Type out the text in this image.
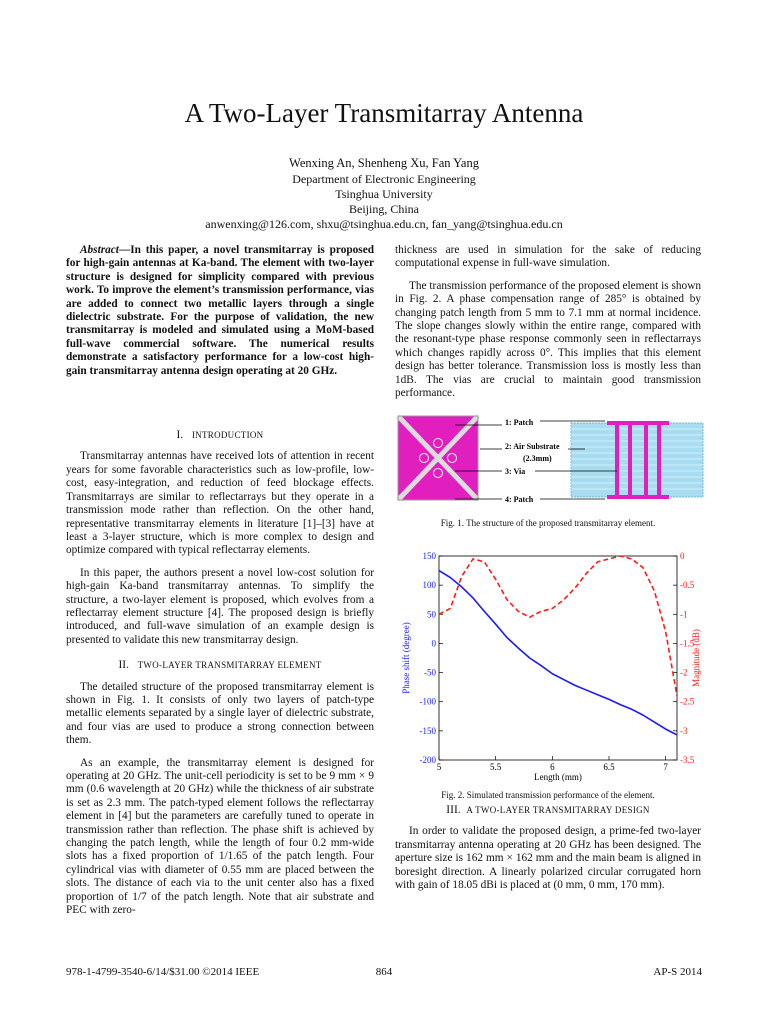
A Two-Layer Transmitarray Antenna
Wenxing An, Shenheng Xu, Fan Yang
Department of Electronic Engineering
Tsinghua University
Beijing, China
anwenxing@126.com, shxu@tsinghua.edu.cn, fan_yang@tsinghua.edu.cn

Abstract—In this paper, a novel transmitarray is proposed for high-gain antennas at Ka-band. The element with two-layer structure is designed for simplicity compared with previous work. To improve the element’s transmission performance, vias are added to connect two metallic layers through a single dielectric substrate. For the purpose of validation, the new transmitarray is modeled and simulated using a MoM-based full-wave commercial software. The numerical results demonstrate a satisfactory performance for a low-cost high-gain transmitarray antenna design operating at 20 GHz.

I. INTRODUCTION

Transmitarray antennas have received lots of attention in recent years for some favorable characteristics such as low-profile, low-cost, easy-integration, and reduction of feed blockage effects. Transmitarrays are similar to reflectarrays but they operate in a transmission mode rather than reflection. On the other hand, representative transmitarray elements in literature [1]–[3] have at least a 3-layer structure, which is more complex to design and optimize compared with typical reflectarray elements.

In this paper, the authors present a novel low-cost solution for high-gain Ka-band transmitarray antennas. To simplify the structure, a two-layer element is proposed, which evolves from a reflectarray element structure [4]. The proposed design is briefly introduced, and full-wave simulation of an example design is presented to validate this new transmitarray design.

II. TWO-LAYER TRANSMITARRAY ELEMENT

The detailed structure of the proposed transmitarray element is shown in Fig. 1. It consists of only two layers of patch-type metallic elements separated by a single layer of dielectric substrate, and four vias are used to produce a strong connection between them.

As an example, the transmitarray element is designed for operating at 20 GHz. The unit-cell periodicity is set to be 9 mm × 9 mm (0.6 wavelength at 20 GHz) while the thickness of air substrate is set as 2.3 mm. The patch-typed element follows the reflectarray element in [4] but the parameters are carefully tuned to operate in transmission rather than reflection. The phase shift is achieved by changing the patch length, while the length of four 0.2 mm-wide slots has a fixed proportion of 1/1.65 of the patch length. Four cylindrical vias with diameter of 0.55 mm are placed between the slots. The distance of each via to the unit center also has a fixed proportion of 1/7 of the patch length. Note that air substrate and PEC with zero-

thickness are used in simulation for the sake of reducing computational expense in full-wave simulation.

The transmission performance of the proposed element is shown in Fig. 2. A phase compensation range of 285° is obtained by changing patch length from 5 mm to 7.1 mm at normal incidence. The slope changes slowly within the entire range, compared with the resonant-type phase response commonly seen in reflectarrays which changes rapidly across 0°. This implies that this element design has better tolerance. Transmission loss is mostly less than 1dB. The vias are crucial to maintain good transmission performance.

1: Patch
2: Air Substrate
(2.3mm)
3: Via
4: Patch
Fig. 1. The structure of the proposed transmitarray element.
5	5.5	6	6.5	7
150
100
50
0
-50
-100
-150
-200
0
-0.5
-1
-1.5
-2
-2.5
-3
-3.5
Length (mm)
Phase shift (degree)	Magnitude (dB)
Fig. 2. Simulated transmission performance of the element.
III. A TWO-LAYER TRANSMITARRAY DESIGN

In order to validate the proposed design, a prime-fed two-layer transmitarray antenna operating at 20 GHz has been designed. The aperture size is 162 mm × 162 mm and the main beam is aligned in boresight direction. A linearly polarized circular corrugated horn with gain of 18.05 dBi is placed at (0 mm, 0 mm, 170 mm).

978-1-4799-3540-6/14/$31.00 ©2014 IEEE	864	AP-S 2014
